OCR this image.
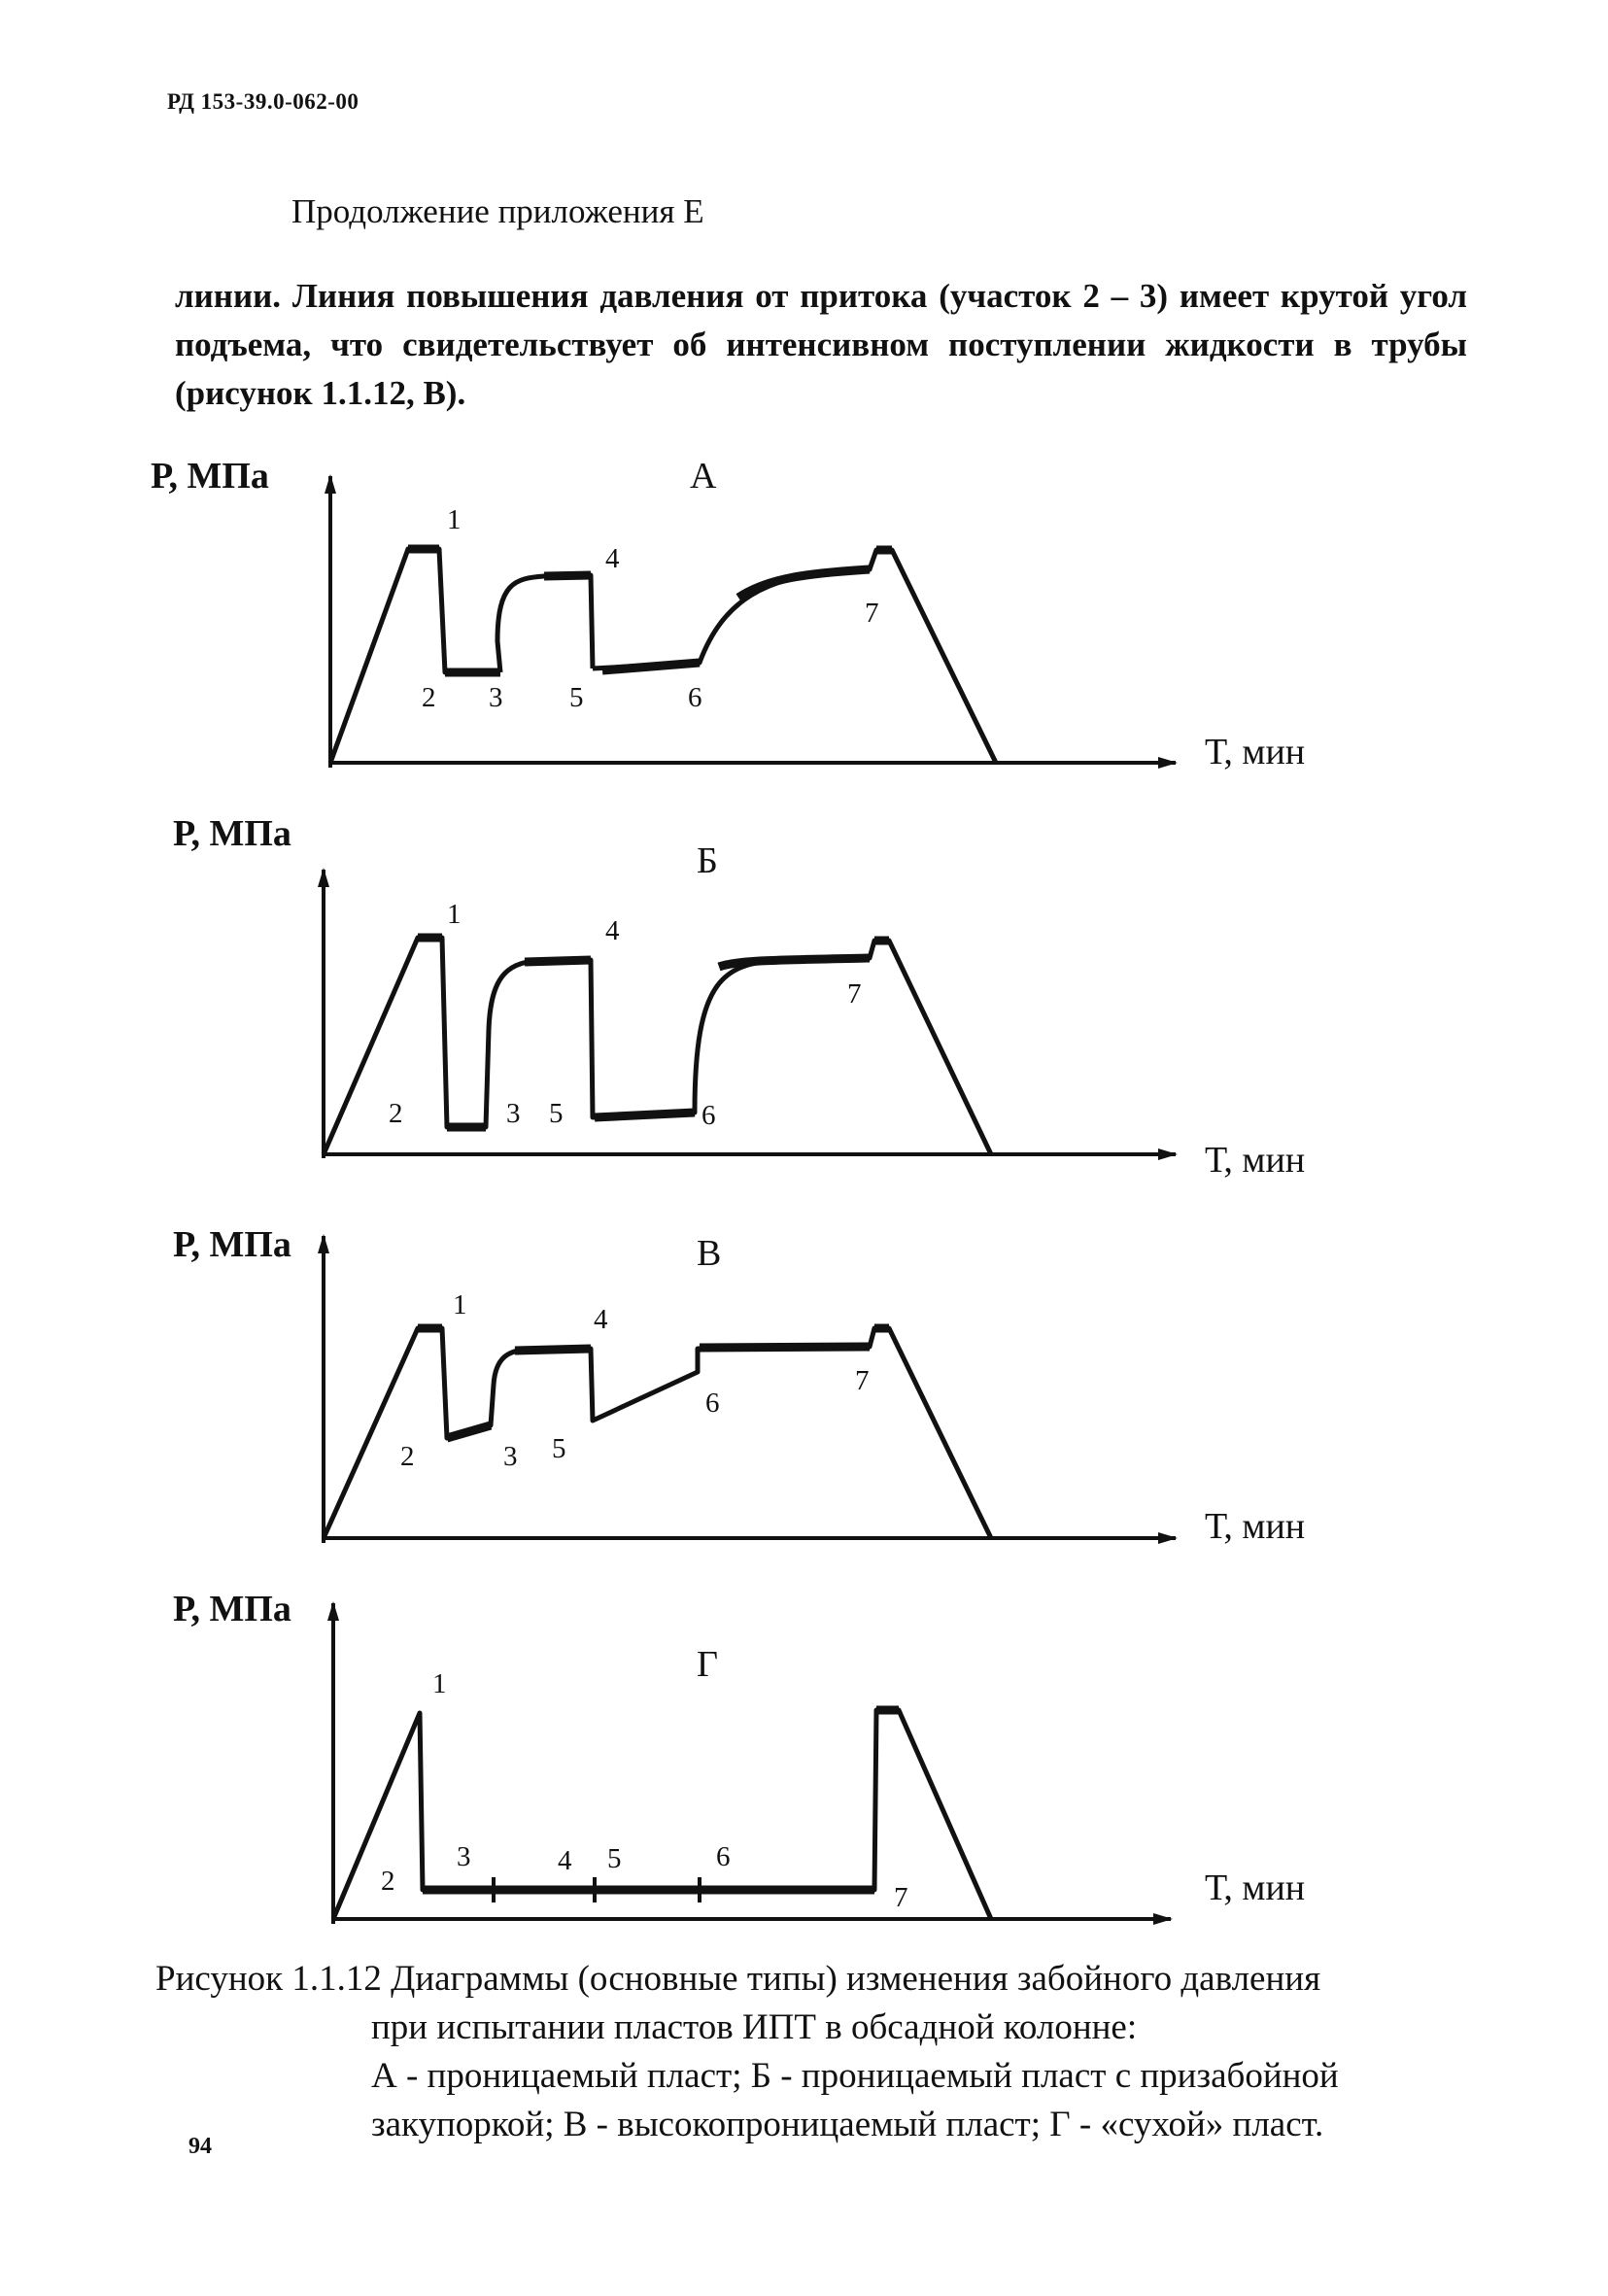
РД 153-39.0-062-00
Продолжение приложения Е
линии. Линия повышения давления от притока (участок 2 – 3) имеет крутой угол подъема, что свидетельствует об интенсивном поступлении жидкости в трубы (рисунок 1.1.12, В).
Р, МПа	А
Т, мин
1
2 3
4
5	6
7
Р, МПа
Б
Т, мин
1
2	3 5
4
6
7
Р, МПа	В
Т, мин
1
2	3 5
4
6
7
Р, МПа
Г
Т, мин
1
2
3	4 5	6
7
Рисунок 1.1.12 Диаграммы (основные типы) изменения забойного давления
при испытании пластов ИПТ в обсадной колонне:
А - проницаемый пласт; Б - проницаемый пласт с призабойной закупоркой; В - высокопроницаемый пласт; Г - «сухой» пласт.
94
